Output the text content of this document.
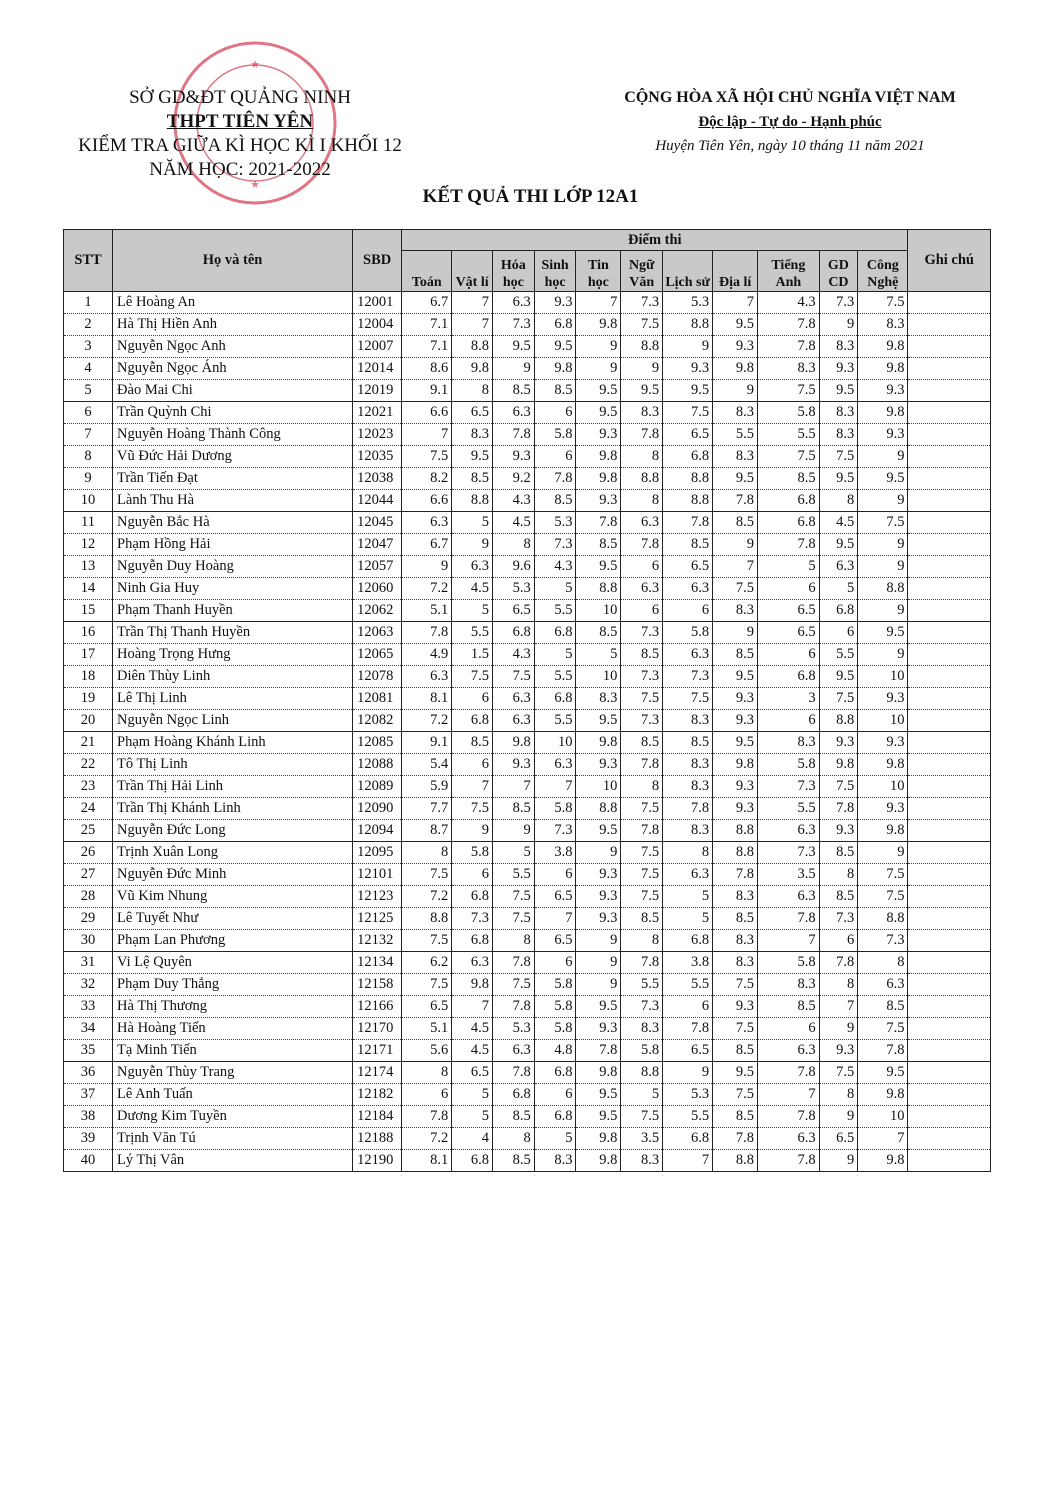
★
★
SỞ GD&ĐT QUẢNG NINH
THPT TIÊN YÊN
KIỂM TRA GIỮA KÌ HỌC KÌ I KHỐI 12
NĂM HỌC: 2021-2022
CỘNG HÒA XÃ HỘI CHỦ NGHĨA VIỆT NAM
Độc lập - Tự do - Hạnh phúc
Huyện Tiên Yên, ngày 10 tháng 11 năm 2021
KẾT QUẢ THI LỚP 12A1
STT	Họ và tên	SBD	Điểm thi											Ghi chú
			Toán	Vật lí	Hóa học	Sinh học	Tin học	Ngữ Văn	Lịch sử	Địa lí	Tiếng Anh	GD CD	Công Nghệ	
1	Lê Hoàng An	12001	6.7	7	6.3	9.3	7	7.3	5.3	7	4.3	7.3	7.5	
2	Hà Thị Hiền Anh	12004	7.1	7	7.3	6.8	9.8	7.5	8.8	9.5	7.8	9	8.3	
3	Nguyễn Ngọc Anh	12007	7.1	8.8	9.5	9.5	9	8.8	9	9.3	7.8	8.3	9.8	
4	Nguyễn Ngọc Ánh	12014	8.6	9.8	9	9.8	9	9	9.3	9.8	8.3	9.3	9.8	
5	Đào Mai Chi	12019	9.1	8	8.5	8.5	9.5	9.5	9.5	9	7.5	9.5	9.3	
6	Trần Quỳnh Chi	12021	6.6	6.5	6.3	6	9.5	8.3	7.5	8.3	5.8	8.3	9.8	
7	Nguyễn Hoàng Thành Công	12023	7	8.3	7.8	5.8	9.3	7.8	6.5	5.5	5.5	8.3	9.3	
8	Vũ Đức Hải Dương	12035	7.5	9.5	9.3	6	9.8	8	6.8	8.3	7.5	7.5	9	
9	Trần Tiến Đạt	12038	8.2	8.5	9.2	7.8	9.8	8.8	8.8	9.5	8.5	9.5	9.5	
10	Lành Thu Hà	12044	6.6	8.8	4.3	8.5	9.3	8	8.8	7.8	6.8	8	9	
11	Nguyễn Bắc Hà	12045	6.3	5	4.5	5.3	7.8	6.3	7.8	8.5	6.8	4.5	7.5	
12	Phạm Hồng Hải	12047	6.7	9	8	7.3	8.5	7.8	8.5	9	7.8	9.5	9	
13	Nguyễn Duy Hoàng	12057	9	6.3	9.6	4.3	9.5	6	6.5	7	5	6.3	9	
14	Ninh Gia Huy	12060	7.2	4.5	5.3	5	8.8	6.3	6.3	7.5	6	5	8.8	
15	Phạm Thanh Huyền	12062	5.1	5	6.5	5.5	10	6	6	8.3	6.5	6.8	9	
16	Trần Thị Thanh Huyền	12063	7.8	5.5	6.8	6.8	8.5	7.3	5.8	9	6.5	6	9.5	
17	Hoàng Trọng Hưng	12065	4.9	1.5	4.3	5	5	8.5	6.3	8.5	6	5.5	9	
18	Diên Thùy Linh	12078	6.3	7.5	7.5	5.5	10	7.3	7.3	9.5	6.8	9.5	10	
19	Lê Thị Linh	12081	8.1	6	6.3	6.8	8.3	7.5	7.5	9.3	3	7.5	9.3	
20	Nguyễn Ngọc Linh	12082	7.2	6.8	6.3	5.5	9.5	7.3	8.3	9.3	6	8.8	10	
21	Phạm Hoàng Khánh Linh	12085	9.1	8.5	9.8	10	9.8	8.5	8.5	9.5	8.3	9.3	9.3	
22	Tô Thị Linh	12088	5.4	6	9.3	6.3	9.3	7.8	8.3	9.8	5.8	9.8	9.8	
23	Trần Thị Hải Linh	12089	5.9	7	7	7	10	8	8.3	9.3	7.3	7.5	10	
24	Trần Thị Khánh Linh	12090	7.7	7.5	8.5	5.8	8.8	7.5	7.8	9.3	5.5	7.8	9.3	
25	Nguyễn Đức Long	12094	8.7	9	9	7.3	9.5	7.8	8.3	8.8	6.3	9.3	9.8	
26	Trịnh Xuân Long	12095	8	5.8	5	3.8	9	7.5	8	8.8	7.3	8.5	9	
27	Nguyễn Đức Minh	12101	7.5	6	5.5	6	9.3	7.5	6.3	7.8	3.5	8	7.5	
28	Vũ Kim Nhung	12123	7.2	6.8	7.5	6.5	9.3	7.5	5	8.3	6.3	8.5	7.5	
29	Lê Tuyết Như	12125	8.8	7.3	7.5	7	9.3	8.5	5	8.5	7.8	7.3	8.8	
30	Phạm Lan Phương	12132	7.5	6.8	8	6.5	9	8	6.8	8.3	7	6	7.3	
31	Vi Lệ Quyên	12134	6.2	6.3	7.8	6	9	7.8	3.8	8.3	5.8	7.8	8	
32	Phạm Duy Thắng	12158	7.5	9.8	7.5	5.8	9	5.5	5.5	7.5	8.3	8	6.3	
33	Hà Thị Thương	12166	6.5	7	7.8	5.8	9.5	7.3	6	9.3	8.5	7	8.5	
34	Hà Hoàng Tiến	12170	5.1	4.5	5.3	5.8	9.3	8.3	7.8	7.5	6	9	7.5	
35	Tạ Minh Tiến	12171	5.6	4.5	6.3	4.8	7.8	5.8	6.5	8.5	6.3	9.3	7.8	
36	Nguyễn Thùy Trang	12174	8	6.5	7.8	6.8	9.8	8.8	9	9.5	7.8	7.5	9.5	
37	Lê Anh Tuấn	12182	6	5	6.8	6	9.5	5	5.3	7.5	7	8	9.8	
38	Dương Kim Tuyền	12184	7.8	5	8.5	6.8	9.5	7.5	5.5	8.5	7.8	9	10	
39	Trịnh Văn Tú	12188	7.2	4	8	5	9.8	3.5	6.8	7.8	6.3	6.5	7	
40	Lý Thị Vân	12190	8.1	6.8	8.5	8.3	9.8	8.3	7	8.8	7.8	9	9.8	
